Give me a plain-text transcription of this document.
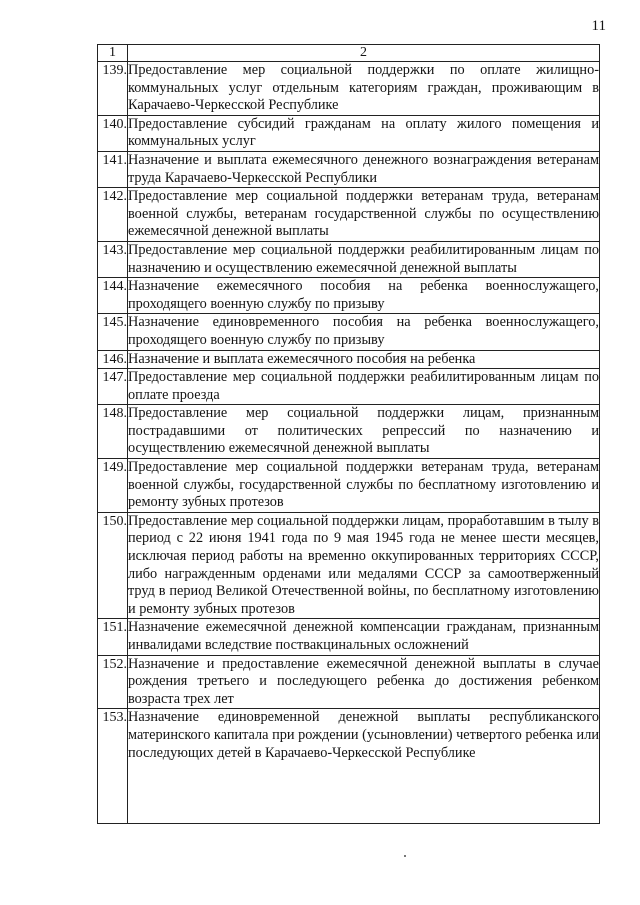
11
1	2
139.	Предоставление мер социальной поддержки по оплате жилищно-коммунальных услуг отдельным категориям граждан, проживающим в Карачаево-Черкесской Республике
140.	Предоставление субсидий гражданам на оплату жилого помещения и коммунальных услуг
141.	Назначение и выплата ежемесячного денежного вознаграждения ветеранам труда Карачаево-Черкесской Республики
142.	Предоставление мер социальной поддержки ветеранам труда, ветеранам военной службы, ветеранам государственной службы по осуществлению ежемесячной денежной выплаты
143.	Предоставление мер социальной поддержки реабилитированным лицам по назначению и осуществлению ежемесячной денежной выплаты
144.	Назначение ежемесячного пособия на ребенка военнослужащего, проходящего военную службу по призыву
145.	Назначение единовременного пособия на ребенка военнослужащего, проходящего военную службу по призыву
146.	Назначение и выплата ежемесячного пособия на ребенка
147.	Предоставление мер социальной поддержки реабилитированным лицам по оплате проезда
148.	Предоставление мер социальной поддержки лицам, признанным пострадавшими от политических репрессий по назначению и осуществлению ежемесячной денежной выплаты
149.	Предоставление мер социальной поддержки ветеранам труда, ветеранам военной службы, государственной службы по бесплатному изготовлению и ремонту зубных протезов
150.	Предоставление мер социальной поддержки лицам, проработавшим в тылу в период с 22 июня 1941 года по 9 мая 1945 года не менее шести месяцев, исключая период работы на временно оккупированных территориях СССР, либо награжденным орденами или медалями СССР за самоотверженный труд в период Великой Отечественной войны, по бесплатному изготовлению и ремонту зубных протезов
151.	Назначение ежемесячной денежной компенсации гражданам, признанным инвалидами вследствие поствакцинальных осложнений
152.	Назначение и предоставление ежемесячной денежной выплаты в случае рождения третьего и последующего ребенка до достижения ребенком возраста трех лет
153.	Назначение единовременной денежной выплаты республиканского материнского капитала при рождении (усыновлении) четвертого ребенка или последующих детей в Карачаево-Черкесской Республике
